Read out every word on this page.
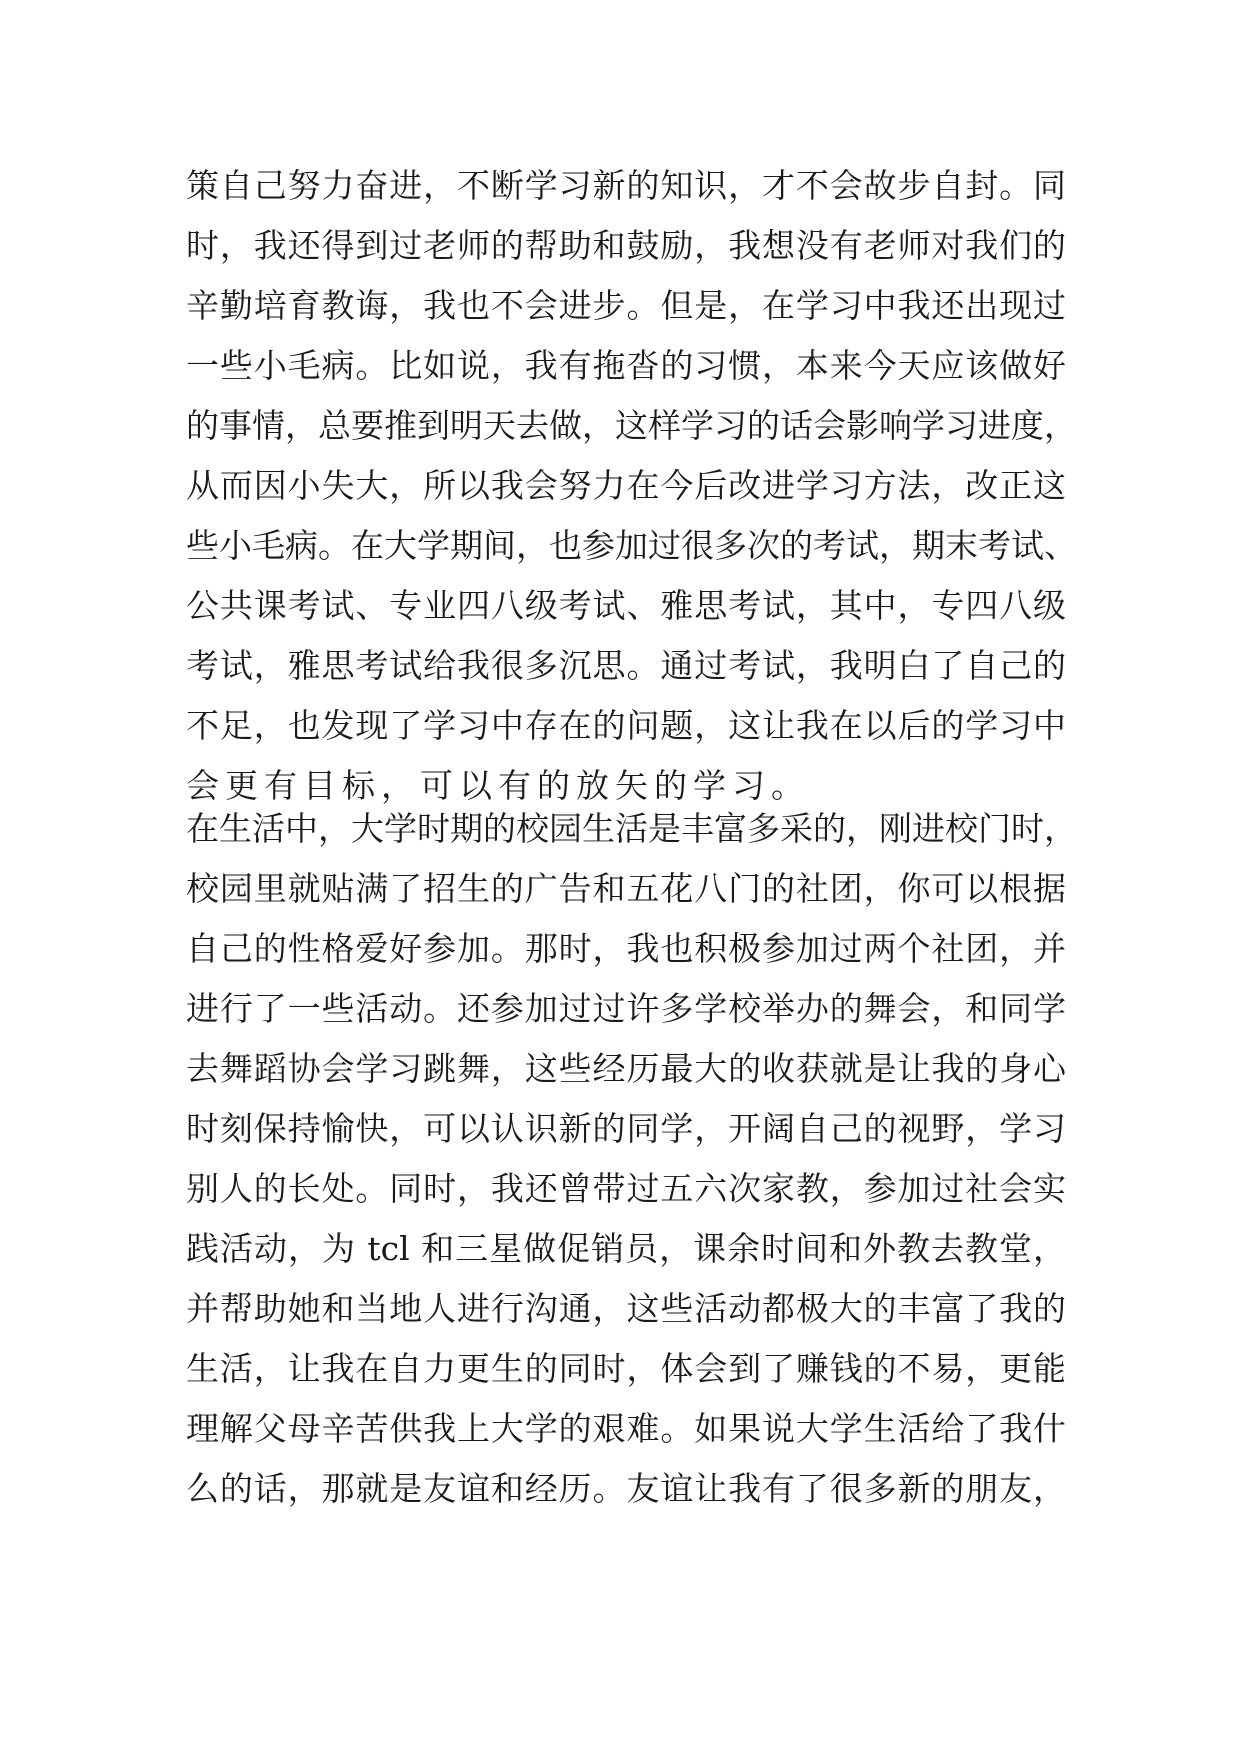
策自己努力奋进，不断学习新的知识，才不会故步自封。同
时，我还得到过老师的帮助和鼓励，我想没有老师对我们的
辛勤培育教诲，我也不会进步。但是，在学习中我还出现过
一些小毛病。比如说，我有拖沓的习惯，本来今天应该做好
的事情，总要推到明天去做，这样学习的话会影响学习进度，
从而因小失大，所以我会努力在今后改进学习方法，改正这
些小毛病。在大学期间，也参加过很多次的考试，期末考试、
公共课考试、专业四八级考试、雅思考试，其中，专四八级
考试，雅思考试给我很多沉思。通过考试，我明白了自己的
不足，也发现了学习中存在的问题，这让我在以后的学习中
会更有目标，可以有的放矢的学习。
在生活中，大学时期的校园生活是丰富多采的，刚进校门时，
校园里就贴满了招生的广告和五花八门的社团，你可以根据
自己的性格爱好参加。那时，我也积极参加过两个社团，并
进行了一些活动。还参加过过许多学校举办的舞会，和同学
去舞蹈协会学习跳舞，这些经历最大的收获就是让我的身心
时刻保持愉快，可以认识新的同学，开阔自己的视野，学习
别人的长处。同时，我还曾带过五六次家教，参加过社会实
践活动，为 tcl 和三星做促销员，课余时间和外教去教堂，
并帮助她和当地人进行沟通，这些活动都极大的丰富了我的
生活，让我在自力更生的同时，体会到了赚钱的不易，更能
理解父母辛苦供我上大学的艰难。如果说大学生活给了我什
么的话，那就是友谊和经历。友谊让我有了很多新的朋友，
